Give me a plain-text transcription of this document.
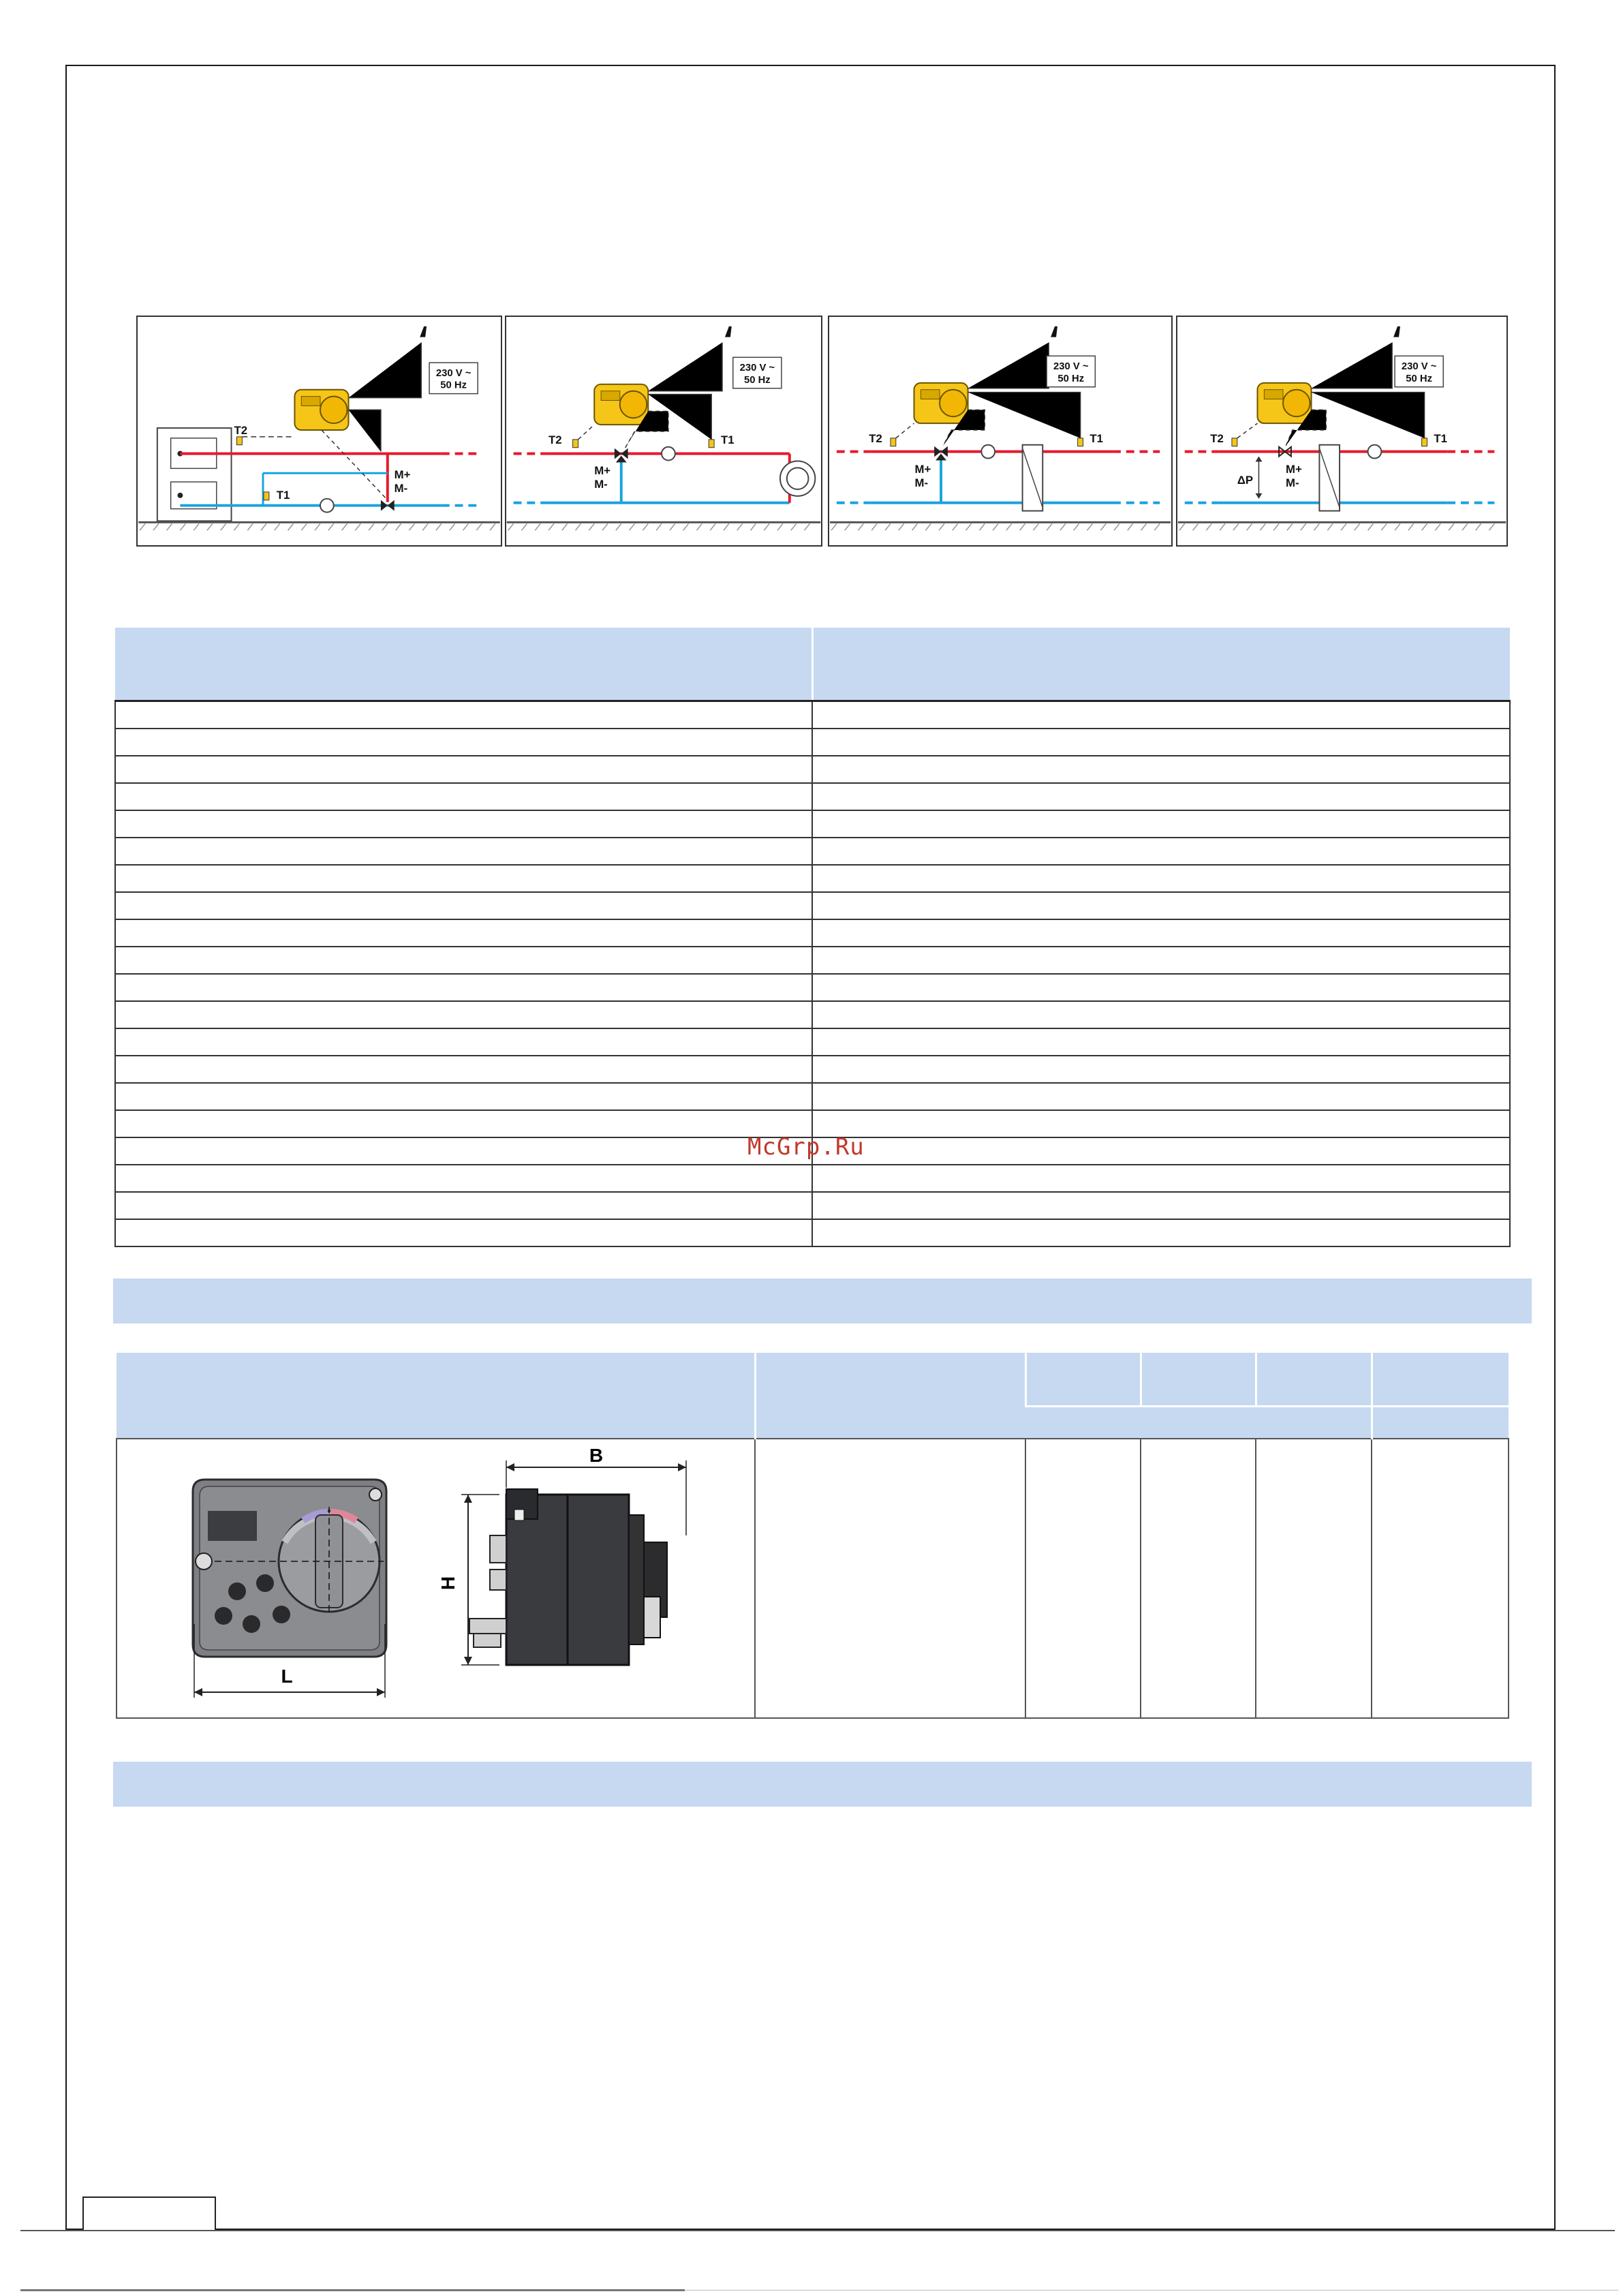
230 V ~
50 Hz
T2
T1
M+
M-
230 V ~
50 Hz
T2	T1
M+
M-
230 V ~
50 Hz
T2	T1
M+
M-
230 V ~
50 Hz
T2	T1
M+
M-
ΔP

McGrp.Ru

L
H
B					
